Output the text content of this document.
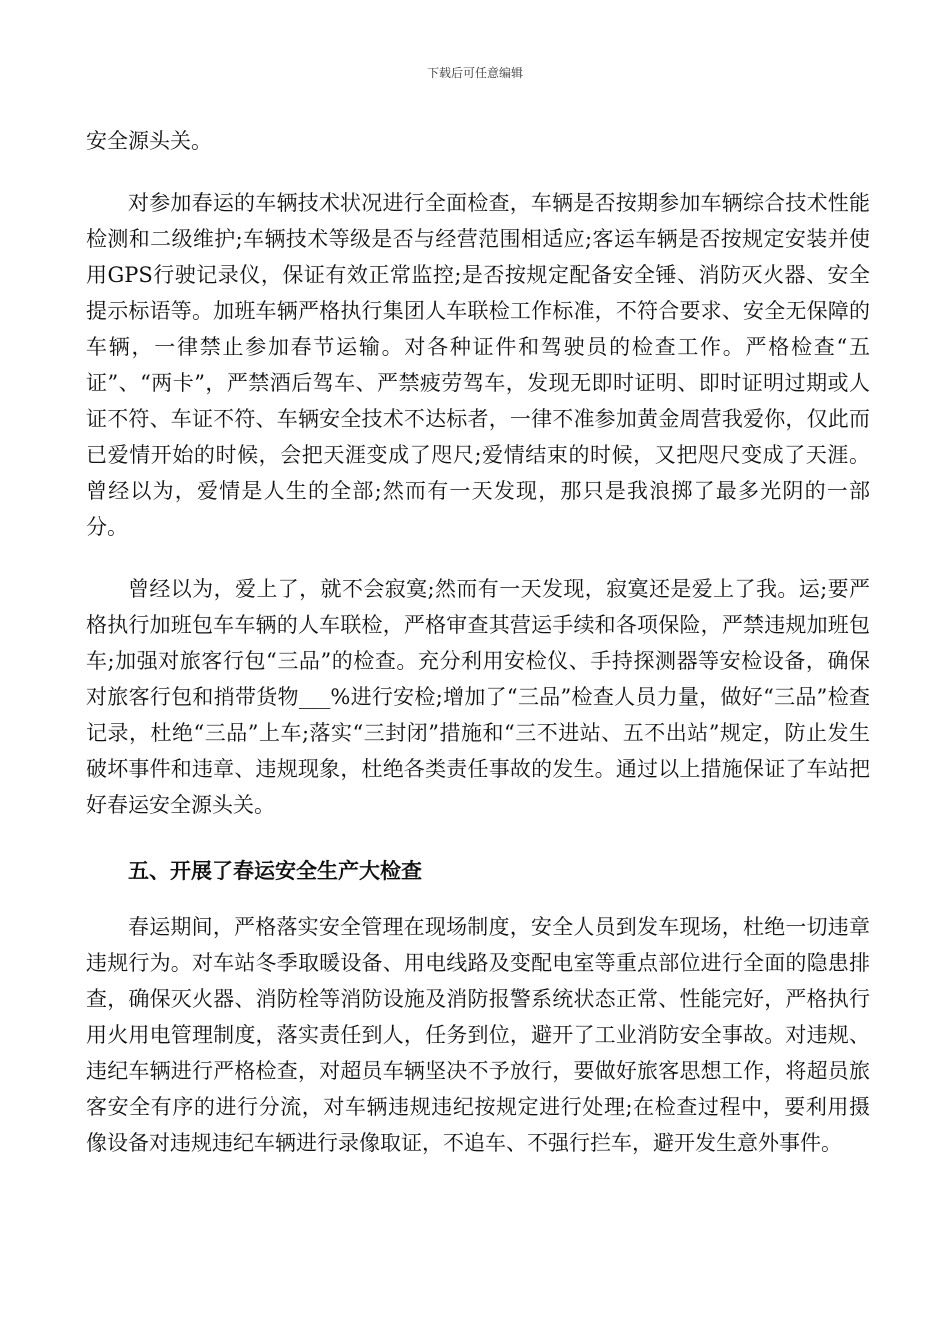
下载后可任意编辑

安全源头关。

对参加春运的车辆技术状况进行全面检查，车辆是否按期参加车辆综合技术性能检测和二级维护;车辆技术等级是否与经营范围相适应;客运车辆是否按规定安装并使用GPS行驶记录仪，保证有效正常监控;是否按规定配备安全锤、消防灭火器、安全提示标语等。加班车辆严格执行集团人车联检工作标准，不符合要求、安全无保障的车辆，一律禁止参加春节运输。对各种证件和驾驶员的检查工作。严格检查“五证”、“两卡”，严禁酒后驾车、严禁疲劳驾车，发现无即时证明、即时证明过期或人证不符、车证不符、车辆安全技术不达标者，一律不准参加黄金周营我爱你，仅此而已爱情开始的时候，会把天涯变成了咫尺;爱情结束的时候，又把咫尺变成了天涯。曾经以为，爱情是人生的全部;然而有一天发现，那只是我浪掷了最多光阴的一部分。

曾经以为，爱上了，就不会寂寞;然而有一天发现，寂寞还是爱上了我。运;要严格执行加班包车车辆的人车联检，严格审查其营运手续和各项保险，严禁违规加班包车;加强对旅客行包“三品”的检查。充分利用安检仪、手持探测器等安检设备，确保对旅客行包和捎带货物___%进行安检;增加了“三品”检查人员力量，做好“三品”检查记录，杜绝“三品”上车;落实“三封闭”措施和“三不进站、五不出站”规定，防止发生破坏事件和违章、违规现象，杜绝各类责任事故的发生。通过以上措施保证了车站把好春运安全源头关。

五、开展了春运安全生产大检查

春运期间，严格落实安全管理在现场制度，安全人员到发车现场，杜绝一切违章违规行为。对车站冬季取暖设备、用电线路及变配电室等重点部位进行全面的隐患排查，确保灭火器、消防栓等消防设施及消防报警系统状态正常、性能完好，严格执行用火用电管理制度，落实责任到人，任务到位，避开了工业消防安全事故。对违规、违纪车辆进行严格检查，对超员车辆坚决不予放行，要做好旅客思想工作，将超员旅客安全有序的进行分流，对车辆违规违纪按规定进行处理;在检查过程中，要利用摄像设备对违规违纪车辆进行录像取证，不追车、不强行拦车，避开发生意外事件。
